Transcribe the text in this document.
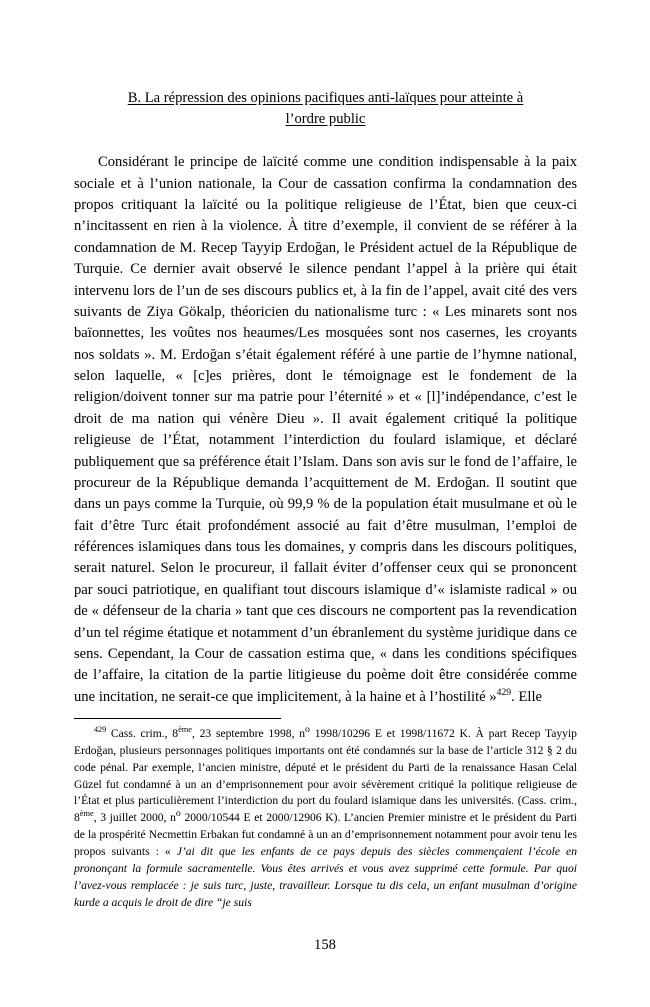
B. La répression des opinions pacifiques anti-laïques pour atteinte à
l’ordre public

Considérant le principe de laïcité comme une condition indispensable à la paix sociale et à l’union nationale, la Cour de cassation confirma la condamnation des propos critiquant la laïcité ou la politique religieuse de l’État, bien que ceux-ci n’incitassent en rien à la violence. À titre d’exemple, il convient de se référer à la condamnation de M. Recep Tayyip Erdoğan, le Président actuel de la République de Turquie. Ce dernier avait observé le silence pendant l’appel à la prière qui était intervenu lors de l’un de ses discours publics et, à la fin de l’appel, avait cité des vers suivants de Ziya Gökalp, théoricien du nationalisme turc : « Les minarets sont nos baïonnettes, les voûtes nos heaumes/Les mosquées sont nos casernes, les croyants nos soldats ». M. Erdoğan s’était également référé à une partie de l’hymne national, selon laquelle, « [c]es prières, dont le témoignage est le fondement de la religion/doivent tonner sur ma patrie pour l’éternité » et « [l]’indépendance, c’est le droit de ma nation qui vénère Dieu ». Il avait également critiqué la politique religieuse de l’État, notamment l’interdiction du foulard islamique, et déclaré publiquement que sa préférence était l’Islam. Dans son avis sur le fond de l’affaire, le procureur de la République demanda l’acquittement de M. Erdoğan. Il soutint que dans un pays comme la Turquie, où 99,9 % de la population était musulmane et où le fait d’être Turc était profondément associé au fait d’être musulman, l’emploi de références islamiques dans tous les domaines, y compris dans les discours politiques, serait naturel. Selon le procureur, il fallait éviter d’offenser ceux qui se prononcent par souci patriotique, en qualifiant tout discours islamique d’« islamiste radical » ou de « défenseur de la charia » tant que ces discours ne comportent pas la revendication d’un tel régime étatique et notamment d’un ébranlement du système juridique dans ce sens. Cependant, la Cour de cassation estima que, « dans les conditions spécifiques de l’affaire, la citation de la partie litigieuse du poème doit être considérée comme une incitation, ne serait-ce que implicitement, à la haine et à l’hostilité »$^{429}$. Elle

$^{429}$ Cass. crim., 8ème, 23 septembre 1998, $n^o$ 1998/10296 E et 1998/11672 K. À part Recep Tayyip Erdoğan, plusieurs personnages politiques importants ont été condamnés sur la base de l’article 312 § 2 du code pénal. Par exemple, l’ancien ministre, député et le président du Parti de la renaissance Hasan Celal Güzel fut condamné à un an d’emprisonnement pour avoir sévèrement critiqué la politique religieuse de l’État et plus particulièrement l’interdiction du port du foulard islamique dans les universités. (Cass. crim., 8ème, 3 juillet 2000, $n^o$ 2000/10544 E et 2000/12906 K). L’ancien Premier ministre et le président du Parti de la prospérité Necmettin Erbakan fut condamné à un an d’emprisonnement notamment pour avoir tenu les propos suivants : « J’ai dit que les enfants de ce pays depuis des siècles commençaient l’école en prononçant la formule sacramentelle. Vous êtes arrivés et vous avez supprimé cette formule. Par quoi l’avez-vous remplacée : je suis turc, juste, travailleur. Lorsque tu dis cela, un enfant musulman d’origine kurde a acquis le droit de dire “je suis

158
